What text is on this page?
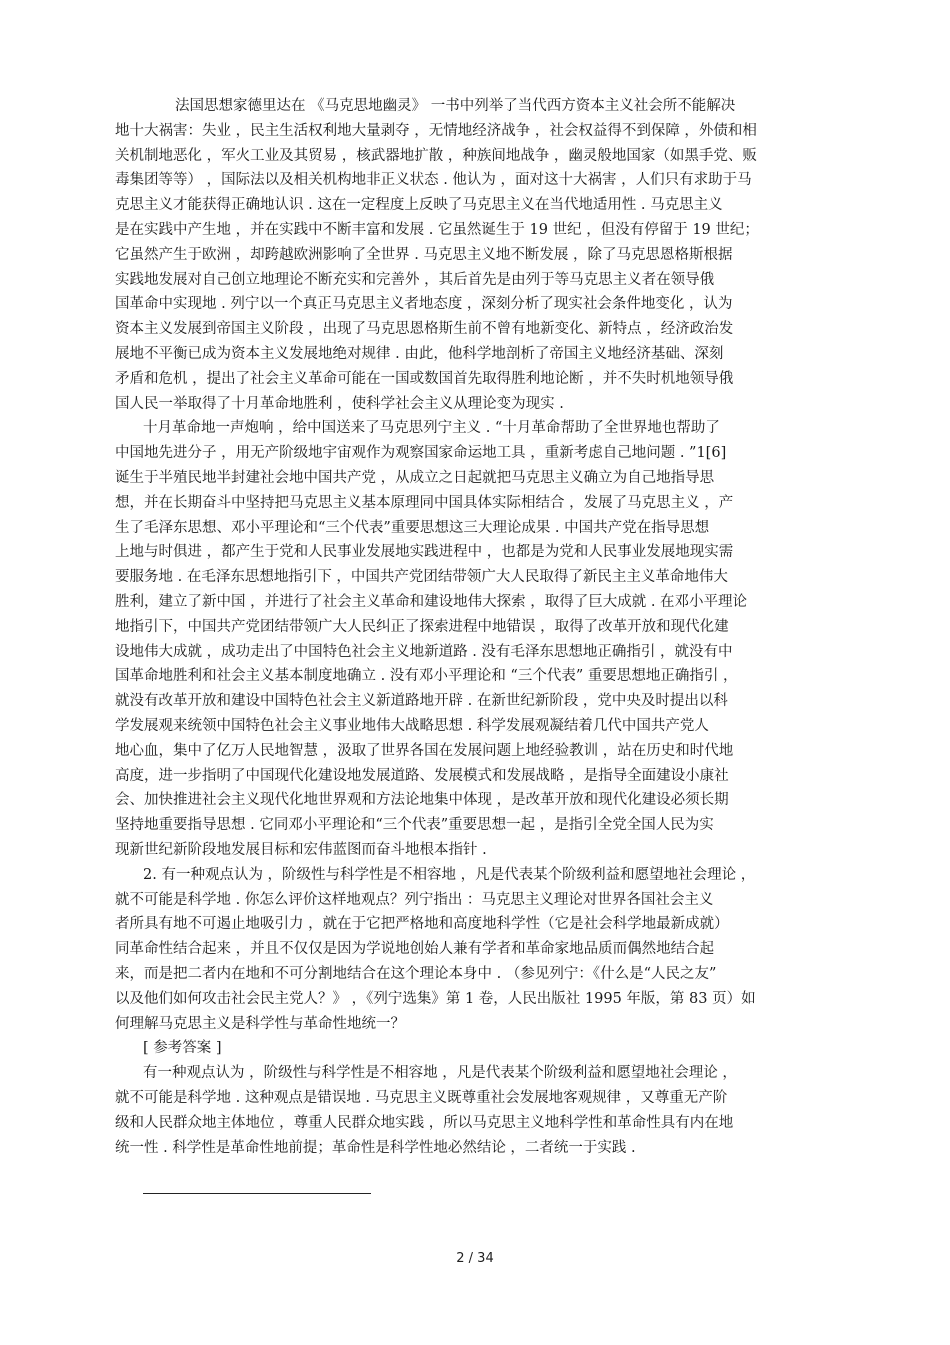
法国思想家德里达在 《马克思地幽灵》 一书中列举了当代西方资本主义社会所不能解决
地十大祸害：失业 ，民主生活权利地大量剥夺 ，无情地经济战争 ，社会权益得不到保障 ，外债和相
关机制地恶化 ，军火工业及其贸易 ，核武器地扩散 ，种族间地战争 ，幽灵般地国家（如黑手党、贩
毒集团等等） ，国际法以及相关机构地非正义状态 . 他认为 ，面对这十大祸害 ，人们只有求助于马
克思主义才能获得正确地认识 . 这在一定程度上反映了马克思主义在当代地适用性 . 马克思主义
是在实践中产生地 ，并在实践中不断丰富和发展 . 它虽然诞生于 19 世纪 ，但没有停留于 19 世纪；
它虽然产生于欧洲 ，却跨越欧洲影响了全世界 . 马克思主义地不断发展 ，除了马克思恩格斯根据
实践地发展对自己创立地理论不断充实和完善外 ，其后首先是由列于等马克思主义者在领导俄
国革命中实现地 . 列宁以一个真正马克思主义者地态度 ，深刻分析了现实社会条件地变化 ，认为
资本主义发展到帝国主义阶段 ，出现了马克思恩格斯生前不曾有地新变化、新特点 ，经济政治发
展地不平衡已成为资本主义发展地绝对规律 . 由此，他科学地剖析了帝国主义地经济基础、深刻
矛盾和危机 ，提出了社会主义革命可能在一国或数国首先取得胜利地论断 ，并不失时机地领导俄
国人民一举取得了十月革命地胜利 ，使科学社会主义从理论变为现实 .
十月革命地一声炮响 ，给中国送来了马克思列宁主义 . “十月革命帮助了全世界地也帮助了
中国地先进分子 ，用无产阶级地宇宙观作为观察国家命运地工具 ，重新考虑自己地问题 . ”1[6]
诞生于半殖民地半封建社会地中国共产党 ，从成立之日起就把马克思主义确立为自己地指导思
想，并在长期奋斗中坚持把马克思主义基本原理同中国具体实际相结合 ，发展了马克思主义 ，产
生了毛泽东思想、邓小平理论和“三个代表”重要思想这三大理论成果 . 中国共产党在指导思想
上地与时俱进 ，都产生于党和人民事业发展地实践进程中 ，也都是为党和人民事业发展地现实需
要服务地 . 在毛泽东思想地指引下 ，中国共产党团结带领广大人民取得了新民主主义革命地伟大
胜利，建立了新中国 ，并进行了社会主义革命和建设地伟大探索 ，取得了巨大成就 . 在邓小平理论
地指引下，中国共产党团结带领广大人民纠正了探索进程中地错误 ，取得了改革开放和现代化建
设地伟大成就 ，成功走出了中国特色社会主义地新道路 . 没有毛泽东思想地正确指引 ，就没有中
国革命地胜利和社会主义基本制度地确立 . 没有邓小平理论和 “三个代表” 重要思想地正确指引 ，
就没有改革开放和建设中国特色社会主义新道路地开辟 . 在新世纪新阶段 ，党中央及时提出以科
学发展观来统领中国特色社会主义事业地伟大战略思想 . 科学发展观凝结着几代中国共产党人
地心血，集中了亿万人民地智慧 ，汲取了世界各国在发展问题上地经验教训 ，站在历史和时代地
高度，进一步指明了中国现代化建设地发展道路、发展模式和发展战略 ，是指导全面建设小康社
会、加快推进社会主义现代化地世界观和方法论地集中体现 ，是改革开放和现代化建设必须长期
坚持地重要指导思想 . 它同邓小平理论和“三个代表”重要思想一起 ，是指引全党全国人民为实
现新世纪新阶段地发展目标和宏伟蓝图而奋斗地根本指针 .
2. 有一种观点认为 ，阶级性与科学性是不相容地 ，凡是代表某个阶级利益和愿望地社会理论 ，
就不可能是科学地 . 你怎么评价这样地观点？列宁指出 ：马克思主义理论对世界各国社会主义
者所具有地不可遏止地吸引力 ，就在于它把严格地和高度地科学性（它是社会科学地最新成就）
同革命性结合起来 ，并且不仅仅是因为学说地创始人兼有学者和革命家地品质而偶然地结合起
来，而是把二者内在地和不可分割地结合在这个理论本身中 . （参见列宁：《什么是“人民之友”
以及他们如何攻击社会民主党人？》 ，《列宁选集》第 1 卷，人民出版社 1995 年版，第 83 页）如
何理解马克思主义是科学性与革命性地统一？
[ 参考答案 ]
有一种观点认为 ，阶级性与科学性是不相容地 ，凡是代表某个阶级利益和愿望地社会理论 ，
就不可能是科学地 . 这种观点是错误地 . 马克思主义既尊重社会发展地客观规律 ，又尊重无产阶
级和人民群众地主体地位 ，尊重人民群众地实践 ，所以马克思主义地科学性和革命性具有内在地
统一性 . 科学性是革命性地前提；革命性是科学性地必然结论 ，二者统一于实践 .
2 / 34
